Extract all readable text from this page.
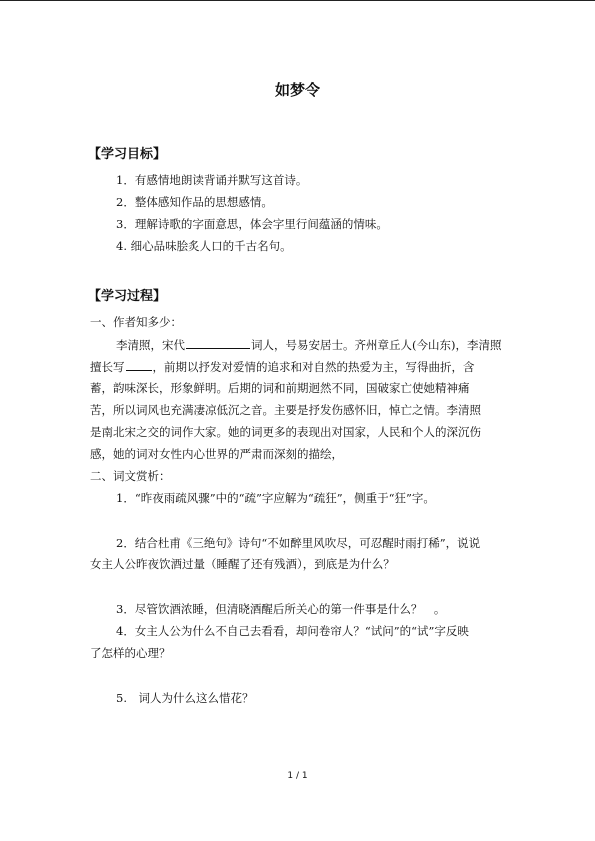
如梦令
【学习目标】
1．有感情地朗读背诵并默写这首诗。
2．整体感知作品的思想感情。
3．理解诗歌的字面意思，体会字里行间蕴涵的情味。
4. 细心品味脍炙人口的千古名句。
【学习过程】
一、作者知多少：
李清照，宋代	词人，号易安居士。齐州章丘人(今山东)，李清照
擅长写 ，前期以抒发对爱情的追求和对自然的热爱为主，写得曲折，含
蓄，韵味深长，形象鲜明。后期的词和前期迥然不同，国破家亡使她精神痛
苦，所以词风也充满凄凉低沉之音。主要是抒发伤感怀旧，悼亡之情。李清照
是南北宋之交的词作大家。她的词更多的表现出对国家，人民和个人的深沉伤
感，她的词对女性内心世界的严肃而深刻的描绘，
二、词文赏析：
1．“昨夜雨疏风骤”中的“疏”字应解为“疏狂”，侧重于“狂”字。
2．结合杜甫《三绝句》诗句“不如醉里风吹尽，可忍醒时雨打稀”，说说
女主人公昨夜饮酒过量（睡醒了还有残酒），到底是为什么？
3．尽管饮酒浓睡，但清晓酒醒后所关心的第一件事是什么？　。
4．女主人公为什么不自己去看看，却问卷帘人？“试问”的“试”字反映
了怎样的心理？
5.　词人为什么这么惜花？
1 / 1
